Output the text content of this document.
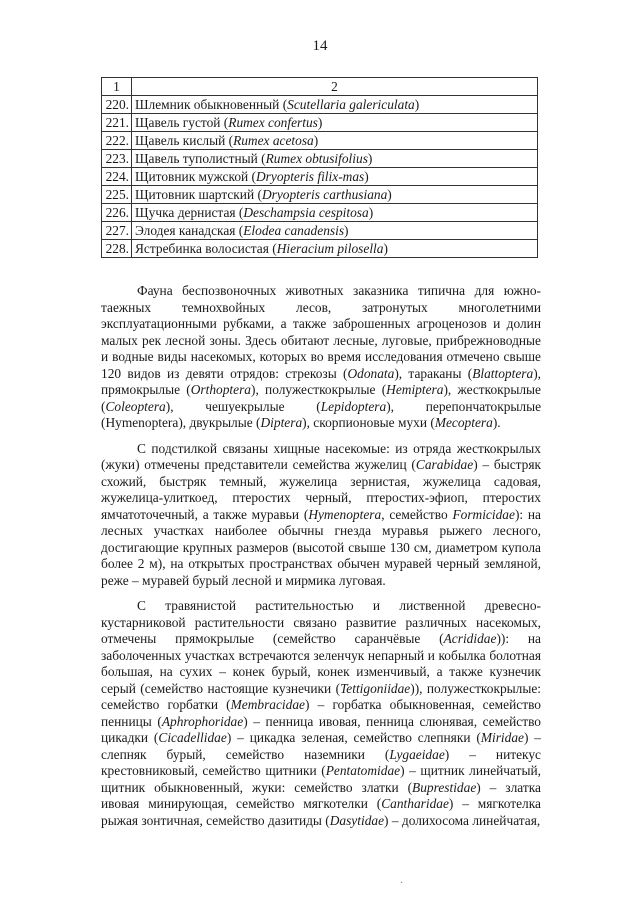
14
1	2
220.	Шлемник обыкновенный (Scutellaria galericulata)
221.	Щавель густой (Rumex confertus)
222.	Щавель кислый (Rumex acetosa)
223.	Щавель туполистный (Rumex obtusifolius)
224.	Щитовник мужской (Dryopteris filix-mas)
225.	Щитовник шартский (Dryopteris carthusiana)
226.	Щучка дернистая (Deschampsia cespitosa)
227.	Элодея канадская (Elodea canadensis)
228.	Ястребинка волосистая (Hieracium pilosella)

Фауна беспозвоночных животных заказника типична для южно-таежных темнохвойных лесов, затронутых многолетними эксплуатационными рубками, а также заброшенных агроценозов и долин малых рек лесной зоны. Здесь обитают лесные, луговые, прибрежноводные и водные виды насекомых, которых во время исследования отмечено свыше 120 видов из девяти отрядов: стрекозы (Odonata), тараканы (Blattoptera), прямокрылые (Orthoptera), полужесткокрылые (Hemiptera), жесткокрылые (Coleoptera), чешуекрылые (Lepidoptera), перепончатокрылые (Hymenoptera), двукрылые (Diptera), скорпионовые мухи (Mecoptera).

С подстилкой связаны хищные насекомые: из отряда жесткокрылых (жуки) отмечены представители семейства жужелиц (Carabidae) – быстряк схожий, быстряк темный, жужелица зернистая, жужелица садовая, жужелица-улиткоед, птеростих черный, птеростих-эфиоп, птеростих ямчатоточечный, а также муравьи (Hymenoptera, семейство Formicidae): на лесных участках наиболее обычны гнезда муравья рыжего лесного, достигающие крупных размеров (высотой свыше 130 см, диаметром купола более 2 м), на открытых пространствах обычен муравей черный земляной, реже – муравей бурый лесной и мирмика луговая.

С травянистой растительностью и лиственной древесно-кустарниковой растительности связано развитие различных насекомых, отмечены прямокрылые (семейство саранчёвые (Acrididae)): на заболоченных участках встречаются зеленчук непарный и кобылка болотная большая, на сухих – конек бурый, конек изменчивый, а также кузнечик серый (семейство настоящие кузнечики (Tettigoniidae)), полужесткокрылые: семейство горбатки (Membracidae) – горбатка обыкновенная, семейство пенницы (Aphrophoridae) – пенница ивовая, пенница слюнявая, семейство цикадки (Cicadellidae) – цикадка зеленая, семейство слепняки (Miridae) – слепняк бурый, семейство наземники (Lygaeidae) – нитекус крестовниковый, семейство щитники (Pentatomidae) – щитник линейчатый, щитник обыкновенный, жуки: семейство златки (Buprestidae) – златка ивовая минирующая, семейство мягкотелки (Cantharidae) – мягкотелка рыжая зонтичная, семейство дазитиды (Dasytidae) – долихосома линейчатая,

·
